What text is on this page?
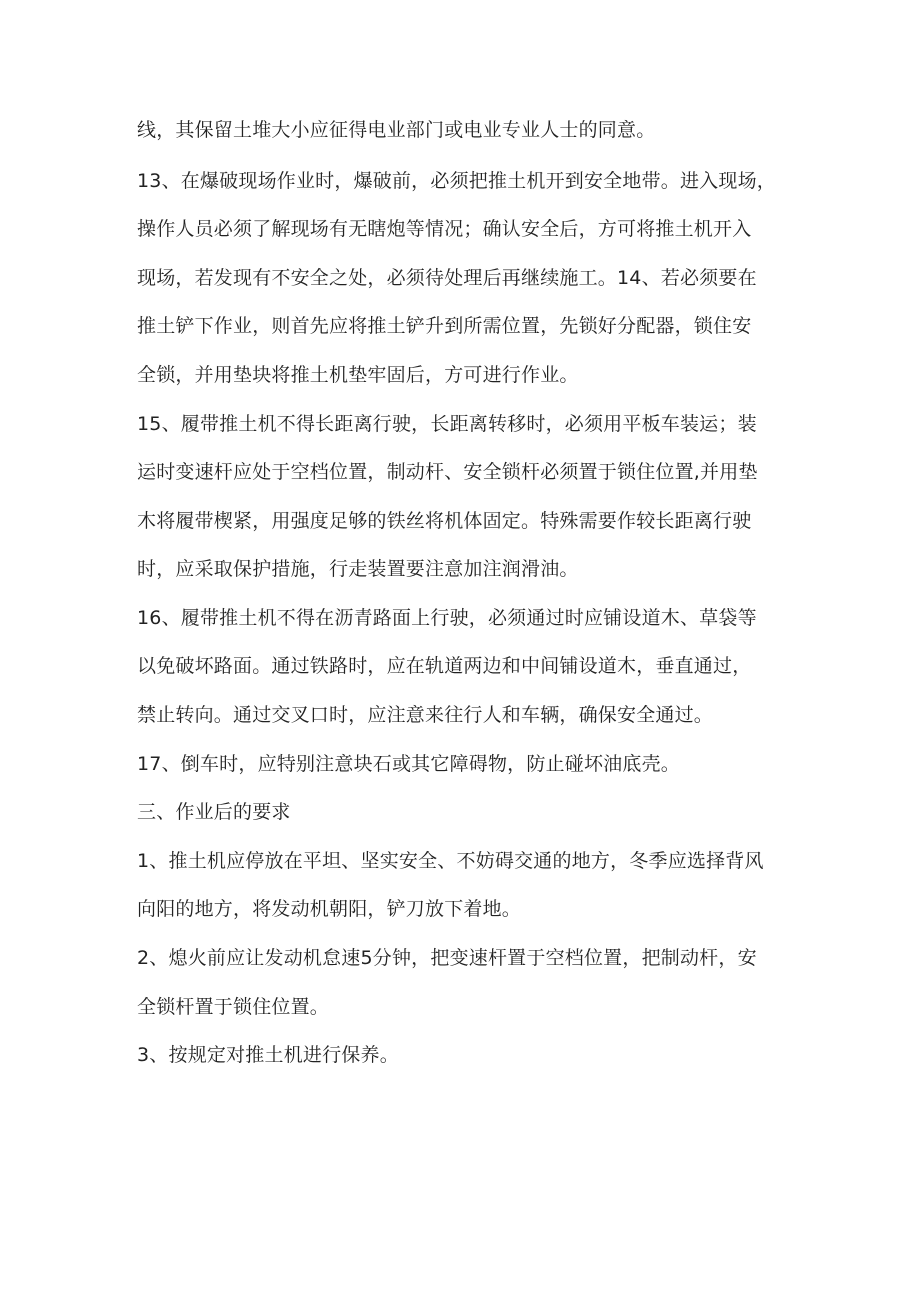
线，其保留土堆大小应征得电业部门或电业专业人士的同意。
13、在爆破现场作业时，爆破前，必须把推土机开到安全地带。进入现场，
操作人员必须了解现场有无瞎炮等情况；确认安全后，方可将推土机开入
现场，若发现有不安全之处，必须待处理后再继续施工。14、若必须要在
推土铲下作业，则首先应将推土铲升到所需位置，先锁好分配器，锁住安
全锁，并用垫块将推土机垫牢固后，方可进行作业。
15、履带推土机不得长距离行驶，长距离转移时，必须用平板车装运；装
运时变速杆应处于空档位置，制动杆、安全锁杆必须置于锁住位置,并用垫
木将履带楔紧，用强度足够的铁丝将机体固定。特殊需要作较长距离行驶
时，应采取保护措施，行走装置要注意加注润滑油。
16、履带推土机不得在沥青路面上行驶，必须通过时应铺设道木、草袋等
以免破坏路面。通过铁路时，应在轨道两边和中间铺设道木，垂直通过，
禁止转向。通过交叉口时，应注意来往行人和车辆，确保安全通过。
17、倒车时，应特别注意块石或其它障碍物，防止碰坏油底壳。
三、作业后的要求
1、推土机应停放在平坦、坚实安全、不妨碍交通的地方，冬季应选择背风
向阳的地方，将发动机朝阳，铲刀放下着地。
2、熄火前应让发动机怠速5分钟，把变速杆置于空档位置，把制动杆，安
全锁杆置于锁住位置。
3、按规定对推土机进行保养。
